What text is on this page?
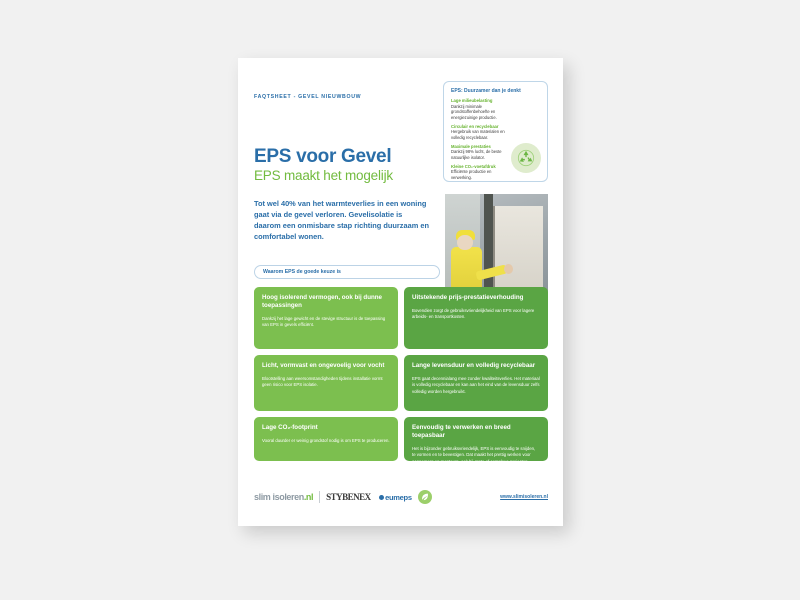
FAQTSHEET - GEVEL NIEUWBOUW
EPS: Duurzamer dan je denkt
Lage milieubelasting
Dankzij minimale grondstoffenbehoefte en energiezuinige productie.
Circulair en recyclebaar
Hergebruik van materialen en volledig recyclebaar.
Maximale prestaties
Dankzij 98% lucht, de beste natuurlijke isolator.
Kleine CO₂-voetafdruk
Efficiënte productie en verwerking.
EPS voor Gevel
EPS maakt het mogelijk
Tot wel 40% van het warmteverlies in een woning gaat via de gevel verloren. Gevelisolatie is daarom een onmisbare stap richting duurzaam en comfortabel wonen.
Waarom EPS de goede keuze is
Hoog isolerend vermogen, ook bij dunne toepassingen

Dankzij het lage gewicht en de stevige structuur is de toepassing van EPS in gevels efficiënt.

Uitstekende prijs-prestatieverhouding

Bovendien zorgt de gebruiksvriendelijkheid van EPS voor lagere arbeids- en transportkosten.

Licht, vormvast en ongevoelig voor vocht

Blootstelling aan weersomstandigheden tijdens installatie vormt geen risico voor EPS isolatie.

Lange levensduur en volledig recyclebaar

EPS gaat decennialang mee zonder kwaliteitsverlies. Het materiaal is volledig recyclebaar en kan aan het eind van de levensduur zelfs volledig worden hergebruikt.

Lage CO₂-footprint

Vooral duurder er weinig grondstof nodig is om EPS te produceren.

Eenvoudig te verwerken en breed toepasbaar

Het is bijzonder gebruiksvriendelijk, EPS is eenvoudig te snijden, te vormen en te bevestigen. Dat maakt het prettig werken voor aannemers en monteurs, ook bij grote of complexe projecten.

slim isoleren.nl STYBENEX	eumeps	www.slimisoleren.nl
